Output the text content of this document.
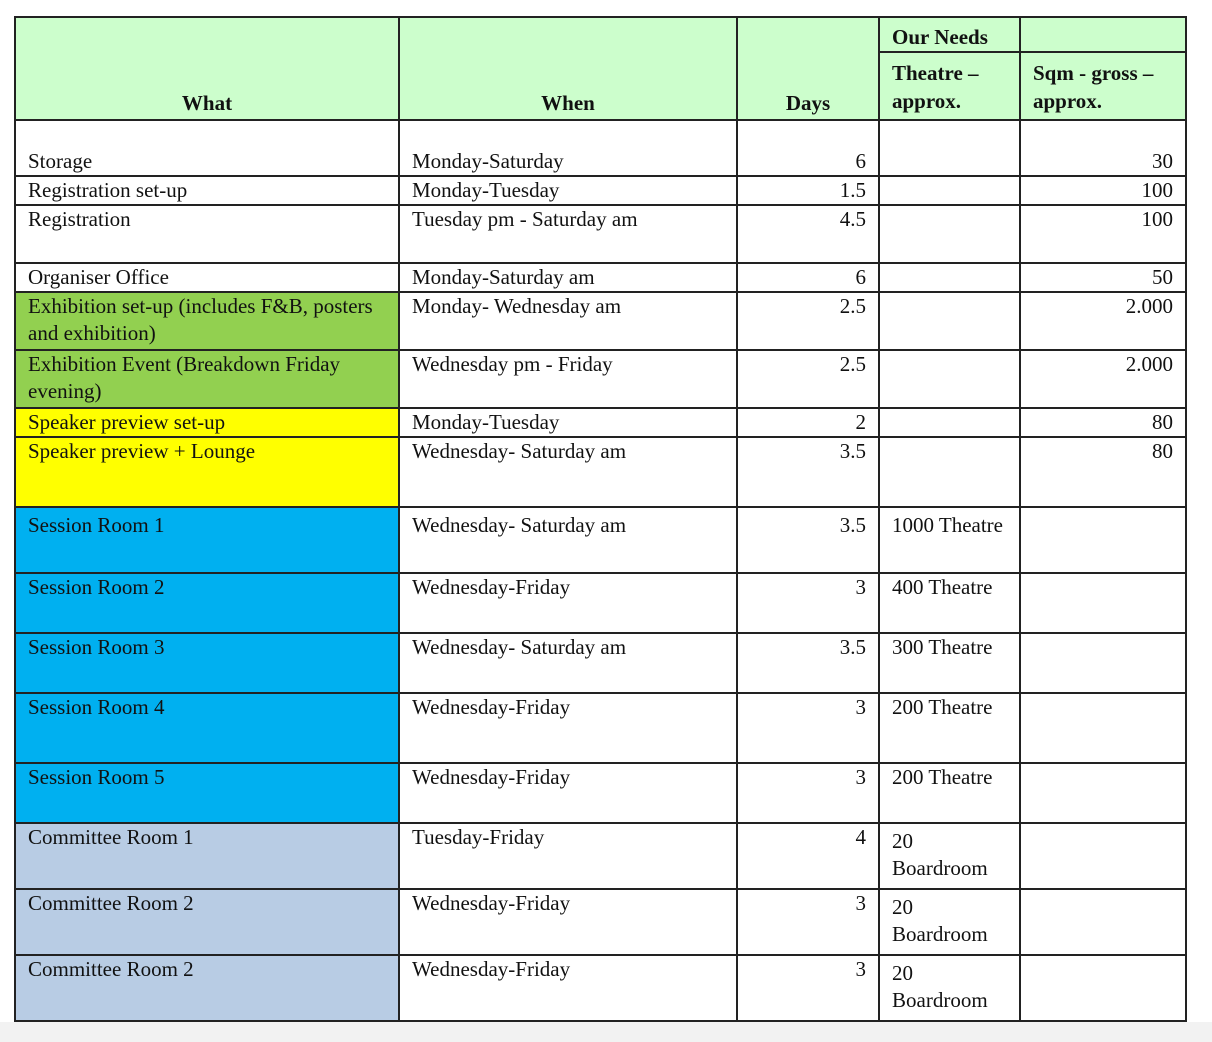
What	When	Days	Our Needs	
			Theatre – approx.	Sqm - gross – approx.
Storage	Monday-Saturday	6		30
Registration set-up	Monday-Tuesday	1.5		100
Registration	Tuesday pm - Saturday am	4.5		100
Organiser Office	Monday-Saturday am	6		50
Exhibition set-up (includes F&B, posters and exhibition)	Monday- Wednesday am	2.5		2.000
Exhibition Event (Breakdown Friday evening)	Wednesday pm - Friday	2.5		2.000
Speaker preview set-up	Monday-Tuesday	2		80
Speaker preview + Lounge	Wednesday- Saturday am	3.5		80
Session Room 1	Wednesday- Saturday am	3.5	1000 Theatre	
Session Room 2	Wednesday-Friday	3	400 Theatre	
Session Room 3	Wednesday- Saturday am	3.5	300 Theatre	
Session Room 4	Wednesday-Friday	3	200 Theatre	
Session Room 5	Wednesday-Friday	3	200 Theatre	
Committee Room 1	Tuesday-Friday	4	20 Boardroom	
Committee Room 2	Wednesday-Friday	3	20 Boardroom	
Committee Room 2	Wednesday-Friday	3	20 Boardroom	
